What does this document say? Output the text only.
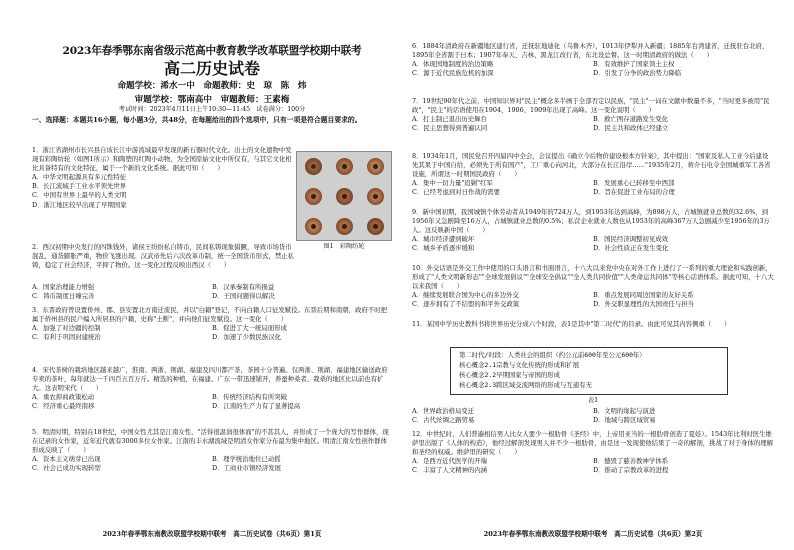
2023年春季鄂东南省级示范高中教育教学改革联盟学校期中联考
高二历史试卷
命题学校：浠水一中　命题教师：史　琼　陈　炜
审题学校：鄂南高中　审题教师：王素梅
考试时间：2023年4月11日上午10:30—11:45　试卷满分：100分
一、选择题：本题共16小题，每小题3分，共48分，在每题给出的四个选项中，只有一项是符合题目要求的。
1．浙江省湖州市长兴县自该长江中游流域最早发现的新石器时代文化。出土的文化遗物中发现有彩陶纺轮（如图1所示）和陶塑的红陶小动物，为全国原始文化中所仅有，与其它文化相比具备特有的文化特征，属于一个新的文化系统。据此可知（　　）
A．中华文明起源具有多元性特征
B．长江流域手工业水平领先世界
C．中国有世界上最早的人类文明
D．浙江地区较早出现了早期国家
图1　彩陶纺轮
2．西汉初期中央发行的四铢钱外，诸侯王纷纷私自铸币，民间私铸现象猖獗，导致市场货币混乱，通货膨胀严重，物价飞涨出现。汉武帝先后六次改革币制，统一全国货币形式，禁止私铸，稳定了社会经济，平抑了物价。这一变化过程反映出西汉（　　）
A．国家治理能力增强	B．汉承秦制有所损益
C．铸币制度日臻完善	D．王国问题得以解决
3．东晋政府曾设置侨州、郡、县安置北方南迁流民，并以"白籍"登记，不向白籍人口征发赋役。东晋后期和南朝，政府不时把属于侨州县的民户编入所居县的户籍，史称"土断"，并向他们征发赋役。这一变化（　　）
A．加强了对边疆的控制	B．促进了大一统局面形成
C．有利于巩固封建统治	D．加速了少数民族汉化
4．宋代茶树的栽培地区越来越广，淮南、两浙、荆湖、福建及四川都产茶，茶园十分普遍。仅两浙、荆湖、福建地区输送政府专卖的茶叶，每年就达一千四百五百万斤。精选的种植，在福建、广东一带迅速铺开，养蚕种桑者、栽桑的地区比以前也有扩大。这表明宋代（　　）
A．重农抑商政策松动	B．传统经济结构有所突破
C．经济重心最终南移	D．江南的生产力有了显著提高
5．明清时期，特别在18世纪，中国女性尤其是江南女性，"活得很温润很体面"的不甚其人，并形成了一个庞大的写作群体，现在记录的女作家，近年近代就有3000多位女作家。江南的丰水湖流域是明清女作家分布最为集中地区。明清江南女性创作群体形成反映了（　　）
A．资本主义萌芽已出现	B．理学统治地位已动摇
C．社会已成功实现转型	D．工商业市镇经济发展
2023年春季鄂东南教改联盟学校期中联考　高二历史试卷（共6页）第1页
6．1884年清政府在新疆地区建行省，迁抚驻地迪化（乌鲁木齐），1913年伊犁并入新疆；1885年台湾建省，迁抚驻台北府，1895年全省割于日本；1907年奉天、吉林、黑龙江改行省，东北设总督。这一时期清政府的做法（　　）
A．体现国地制度的治边策略	B．有效维护了国家领土主权
C．源于近代民族危机的加深	D．引发了分争的政治势力降临
7．19世纪90年代之前，中国知识界对"民主"概念多半画于全部否定以民族，"民主"一词在文献中数量不多，"当时更多被用"民政"，"民主"的话语使用在1904、1906、1909年出现了高峰。这一变化说明（　　）
A．打主制已退出历史舞台	B．救亡图存道路发生变化
C．民主思想得到普遍认同	D．民主共和政体已经建立
8．1934年1月，国民党召开四届四中全会，会议提出《确立今后物价建设根本方针案》，其中提出："国家及私人工业今后建设先其果于中国自给，必须先于所有国产"，工厂重心向河北，大部分在长江沿岸……"1935年2月，蒋介石电令全国城重军工各省设施，所谓这一时期国民政府（　　）
A．集中一切力量"追剿"红军	B．发展重心已转移至中西部
C．已经考虑到对日作战的需要	D．旨在促进工业布局的合理
9．新中国初期，我国城镇个体劳动者从1949年的724万人，到1953年达到高峰，为898万人，占城镇就业总数的32.6%，到1956年又急剧降至16万人，占城镇就业总数的0.5%；私营企业就业人数也从1953年的高峰367万人急剧减少至1956年的3万人。这反映新中国（　　）
A．城市经济遭到破坏	B．国民经济调整初见成效
C．城乡矛盾逐步缓和	D．社会性质正在发生变化
10．外交话语是外交工作中使用的口头语言和书面语言，十八大以来党中央在对外工作上进行了一系列的重大理论和实践创新，形成了"人类文明新形态""全球发展倡议""全球安全倡议""全人类共同价值""人类命运共同体"等核心话语体系。据此可知，十八大以来我国（　　）
A．继续发展联合国为中心的多边外交	B．重点发展同周边国家的友好关系
C．逐步拥有了不结盟的和平外交政策	D．外交职显理性的大国责任与担当
11．某国中学历史教科书将世界历史分成六个时段，表1是其中"第二时代"的目录。由此可见其内容侧重（　　）
第二时代/时段：人类社会的组织（约公元前600年至公元600年）
核心概念2.1宗教与文化传统的形成和扩展
核心概念2.2早期国家与帝国的形成
核心概念2.3跨区域交流网络的形成与互通有无
表1
A．世界政治格局变迁	B．文明的缘起与演进
C．古代丝绸之路贸易	D．地域与跨区域贸易
12．中世纪时，人们普遍相信男人比女人要少一根肋骨《圣经》中，上帝用亚当的一根肋骨创造了夏娃）。1543年比利时医生维萨里出版了《人体的构造》，他经过解剖发现男人并不少一根肋骨，由是这一发现使他结果了一奇的解剖，挑战了对于身体的理解和圣经的权威。维萨里的研究（　　）
A．是西方近代医学的开端	B．撼毁了慈善教神学体系
C．丰富了人文精神的内涵	D．推动了宗教改革的进程
2023年春季鄂东南教改联盟学校期中联考　高二历史试卷（共6页）第2页
